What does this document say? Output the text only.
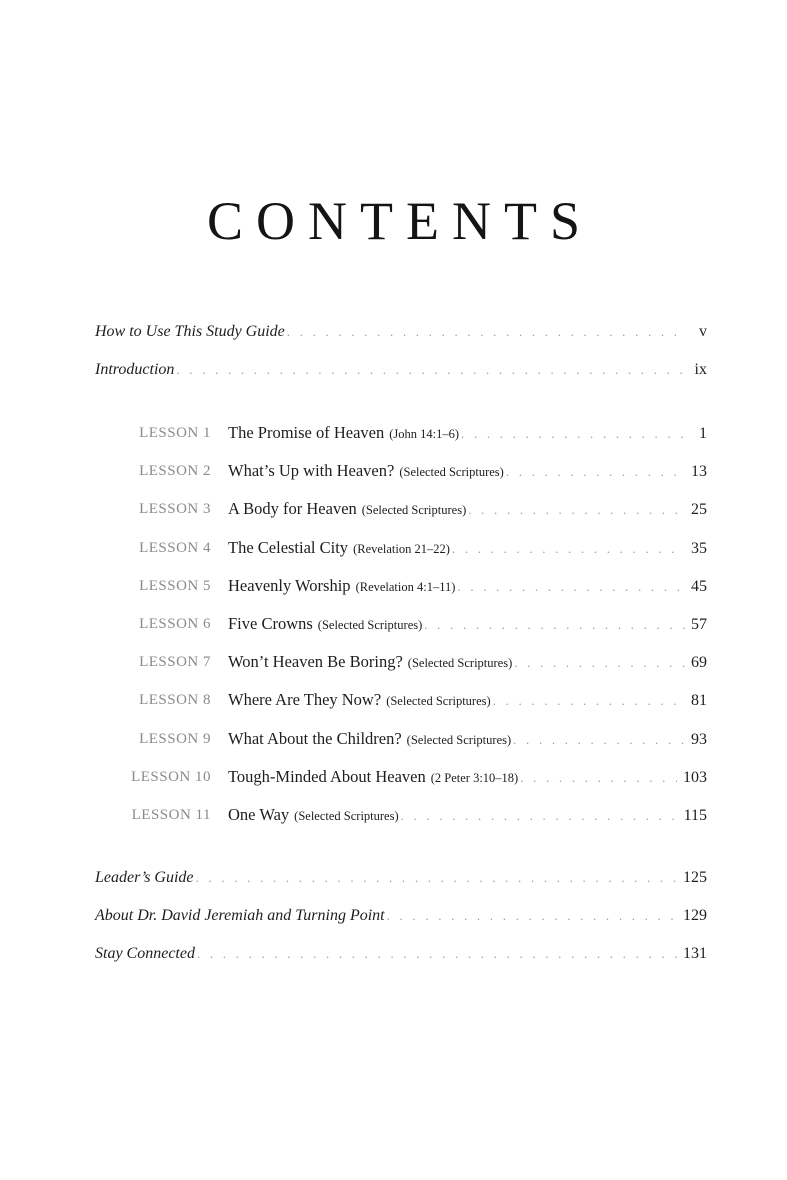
CONTENTS
How to Use This Study Guide . . .	v
Introduction . . .	ix
LESSON 1 The Promise of Heaven (John 14:1–6) . . .	1
LESSON 2 What’s Up with Heaven? (Selected Scriptures) . . .	13
LESSON 3 A Body for Heaven (Selected Scriptures) . . .	25
LESSON 4 The Celestial City (Revelation 21–22) . . .	35
LESSON 5 Heavenly Worship (Revelation 4:1–11) . . .	45
LESSON 6 Five Crowns (Selected Scriptures) . . .	57
LESSON 7 Won’t Heaven Be Boring? (Selected Scriptures) . . .	69
LESSON 8 Where Are They Now? (Selected Scriptures) . . .	81
LESSON 9 What About the Children? (Selected Scriptures) . . .	93
LESSON 10 Tough-Minded About Heaven (2 Peter 3:10–18) . . .	103
LESSON 11 One Way (Selected Scriptures) . . .	115
Leader’s Guide . . .	125
About Dr. David Jeremiah and Turning Point . . .	129
Stay Connected . . .	131
